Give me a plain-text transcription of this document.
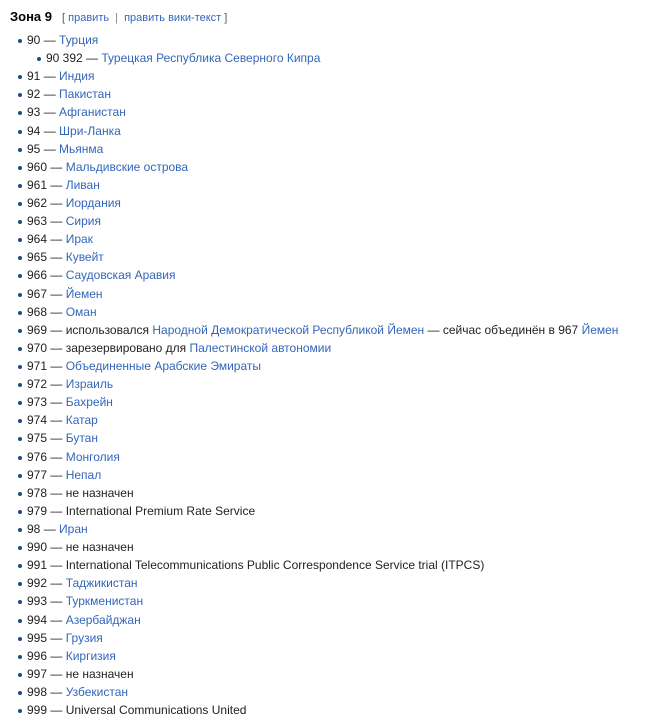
Зона 9 [ править | править вики-текст ]
90 — Турция
90 392 — Турецкая Республика Северного Кипра
91 — Индия
92 — Пакистан
93 — Афганистан
94 — Шри-Ланка
95 — Мьянма
960 — Мальдивские острова
961 — Ливан
962 — Иордания
963 — Сирия
964 — Ирак
965 — Кувейт
966 — Саудовская Аравия
967 — Йемен
968 — Оман
969 — использовался Народной Демократической Республикой Йемен — сейчас объединён в 967 Йемен
970 — зарезервировано для Палестинской автономии
971 — Объединенные Арабские Эмираты
972 — Израиль
973 — Бахрейн
974 — Катар
975 — Бутан
976 — Монголия
977 — Непал
978 — не назначен
979 — International Premium Rate Service
98 — Иран
990 — не назначен
991 — International Telecommunications Public Correspondence Service trial (ITPCS)
992 — Таджикистан
993 — Туркменистан
994 — Азербайджан
995 — Грузия
996 — Киргизия
997 — не назначен
998 — Узбекистан
999 — Universal Communications United
